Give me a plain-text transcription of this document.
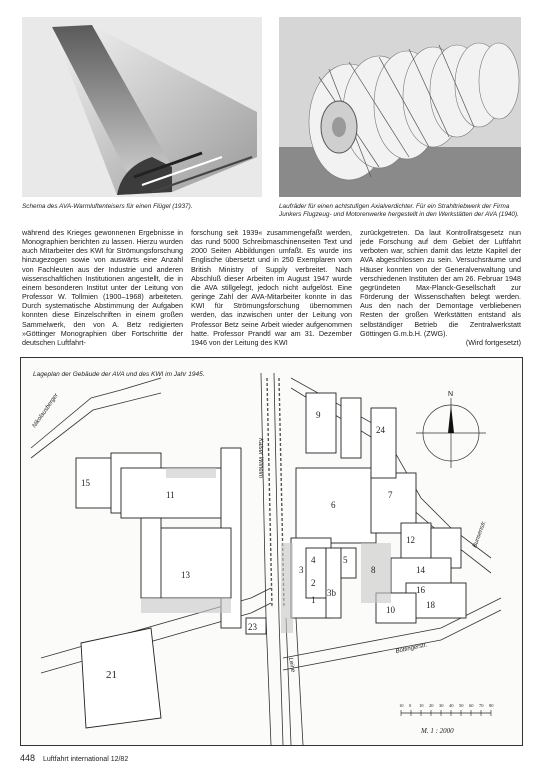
Schema des AVA-Warmluftenteisers für einen Flügel (1937).	Laufräder für einen achtstufigen Axialverdichter. Für ein Strahltriebwerk der Firma Junkers Flugzeug- und Motorenwerke hergestellt in den Werkstätten der AVA (1940).

während des Krieges gewonnenen Ergebnisse in Monographien berichten zu lassen. Hierzu wurden auch Mitarbeiter des KWI für Strömungsforschung hinzugezogen sowie von auswärts eine Anzahl von Fachleuten aus der Industrie und anderen wissenschaftlichen Institutionen angestellt, die in einem besonderen Institut unter der Leitung von Professor W. Tollmien (1900–1968) arbeiteten. Durch systematische Abstimmung der Aufgaben konnten diese Einzelschriften in einem großen Sammelwerk, den von A. Betz redigierten »Göttinger Monographien über Fortschritte der deutschen Luftfahrt-

forschung seit 1939« zusammengefaßt werden, das rund 5000 Schreibmaschinenseiten Text und 2000 Seiten Abbildungen umfaßt. Es wurde ins Englische übersetzt und in 250 Exemplaren vom British Ministry of Supply verbreitet. Nach Abschluß dieser Arbeiten im August 1947 wurde die AVA stillgelegt, jedoch nicht aufgelöst. Eine geringe Zahl der AVA-Mitarbeiter konnte in das KWI für Strömungsforschung übernommen werden, das inzwischen unter der Leitung von Professor Betz seine Arbeit wieder aufgenommen hatte. Professor Prandtl war am 31. Dezember 1946 von der Leitung des KWI

zurückgetreten. Da laut Kontrollratsgesetz nun jede Forschung auf dem Gebiet der Luftfahrt verboten war, schien damit das letzte Kapitel der AVA abgeschlossen zu sein. Versuchsräume und Häuser konnten von der Generalverwaltung und verschiedenen Instituten der am 26. Februar 1948 gegründeten Max-Planck-Gesellschaft zur Förderung der Wissenschaften belegt werden. Aus den nach der Demontage verbliebenen Resten der großen Werkstätten entstand als selbständiger Betrieb die Zentralwerkstatt Göttingen G.m.b.H. (ZWG).

(Wird fortgesetzt)

Lageplan der Gebäude der AVA und des KWI im Jahr 1945.
15
11
6
7
9
24
13
4	5
3
2
1
3b
8
10
12
14
16
18
23
21
Nikolausberger
Kaiser Wilhelm
Bunsenstr.
Böttingerstr.
Leine
N
10 0 10 20 30 40 50 60 70 80
M. 1 : 2000
448 Luftfahrt international 12/82
